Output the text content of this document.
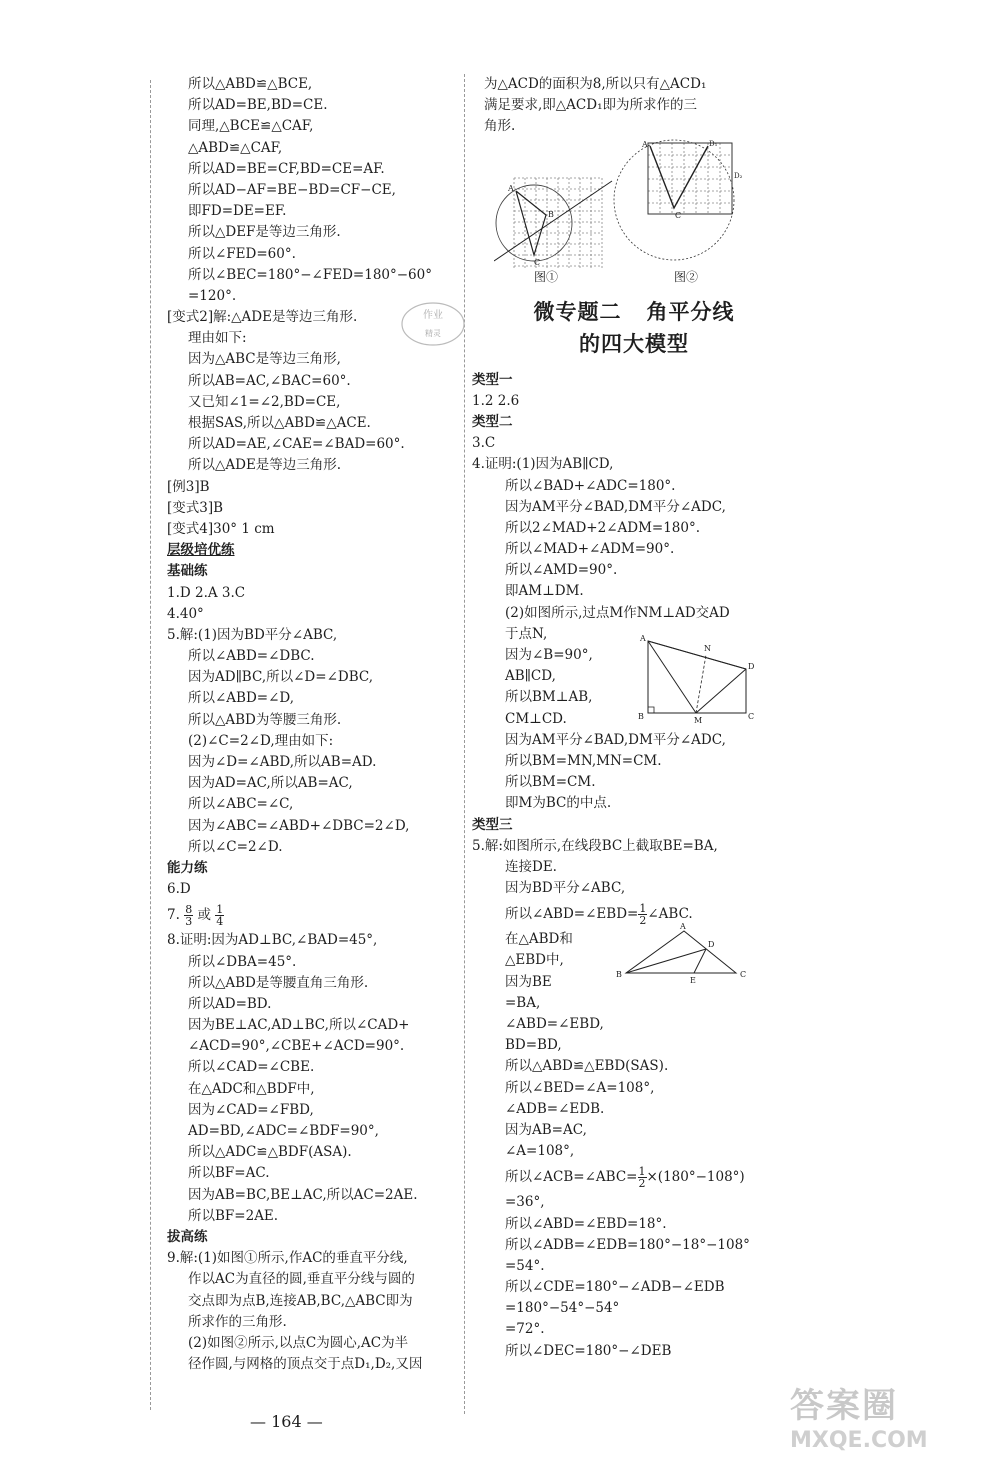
所以△ABD≌△BCE,
所以AD=BE,BD=CE.
同理,△BCE≌△CAF,
△ABD≌△CAF,
所以AD=BE=CF,BD=CE=AF.
所以AD−AF=BE−BD=CF−CE,
即FD=DE=EF.
所以△DEF是等边三角形.
所以∠FED=60°.
所以∠BEC=180°−∠FED=180°−60°
=120°.
[变式2]解:△ADE是等边三角形.
理由如下:
因为△ABC是等边三角形,
所以AB=AC,∠BAC=60°.
又已知∠1=∠2,BD=CE,
根据SAS,所以△ABD≌△ACE.
所以AD=AE,∠CAE=∠BAD=60°.
所以△ADE是等边三角形.
[例3]B
[变式3]B
[变式4]30° 1 cm
层级培优练
基础练
1.D 2.A 3.C
4.40°
5.解:(1)因为BD平分∠ABC,
所以∠ABD=∠DBC.
因为AD∥BC,所以∠D=∠DBC,
所以∠ABD=∠D,
所以△ABD为等腰三角形.
(2)∠C=2∠D,理由如下:
因为∠D=∠ABD,所以AB=AD.
因为AD=AC,所以AB=AC,
所以∠ABC=∠C,
因为∠ABC=∠ABD+∠DBC=2∠D,
所以∠C=2∠D.
能力练
6.D
7. $\frac{8}{3}$ 或 $\frac{1}{4}$
8.证明:因为AD⊥BC,∠BAD=45°,
所以∠DBA=45°.
所以△ABD是等腰直角三角形.
所以AD=BD.
因为BE⊥AC,AD⊥BC,所以∠CAD+
∠ACD=90°,∠CBE+∠ACD=90°.
所以∠CAD=∠CBE.
在△ADC和△BDF中,
因为∠CAD=∠FBD,
AD=BD,∠ADC=∠BDF=90°,
所以△ADC≌△BDF(ASA).
所以BF=AC.
因为AB=BC,BE⊥AC,所以AC=2AE.
所以BF=2AE.
拔高练
9.解:(1)如图①所示,作AC的垂直平分线,
作以AC为直径的圆,垂直平分线与圆的
交点即为点B,连接AB,BC,△ABC即为
所求作的三角形.
(2)如图②所示,以点C为圆心,AC为半
径作圆,与网格的顶点交于点D₁,D₂,又因
作业
精灵
为△ACD的面积为8,所以只有△ACD₁
满足要求,即△ACD₁即为所求作的三
角形.
A
B
C
A
C
D₁
D₂
图①	图②
微专题二   角平分线
的四大模型
类型一
1.2 2.6
类型二
3.C
4.证明:(1)因为AB∥CD,
所以∠BAD+∠ADC=180°.
因为AM平分∠BAD,DM平分∠ADC,
所以2∠MAD+2∠ADM=180°.
所以∠MAD+∠ADM=90°.
所以∠AMD=90°.
即AM⊥DM.
(2)如图所示,过点M作NM⊥AD交AD
于点N,
因为∠B=90°,
AB∥CD,
所以BM⊥AB,
CM⊥CD.
A
N
D
B	M	C
因为AM平分∠BAD,DM平分∠ADC,
所以BM=MN,MN=CM.
所以BM=CM.
即M为BC的中点.
类型三
5.解:如图所示,在线段BC上截取BE=BA,
连接DE.
因为BD平分∠ABC,
所以∠ABD=∠EBD= $\frac{1}{2}$ ∠ABC.
在△ABD和
△EBD中,
因为BE
=BA,
A
D
B
E
C
∠ABD=∠EBD,
BD=BD,
所以△ABD≌△EBD(SAS).
所以∠BED=∠A=108°,
∠ADB=∠EDB.
因为AB=AC,
∠A=108°,
所以∠ACB=∠ABC= $\frac{1}{2} \times(180^\circ-108^\circ)$
=36°,
所以∠ABD=∠EBD=18°.
所以∠ADB=∠EDB=180°−18°−108°
=54°.
所以∠CDE=180°−∠ADB−∠EDB
=180°−54°−54°
=72°.
所以∠DEC=180°−∠DEB
— 164 —	答案圈
MXQE.COM
